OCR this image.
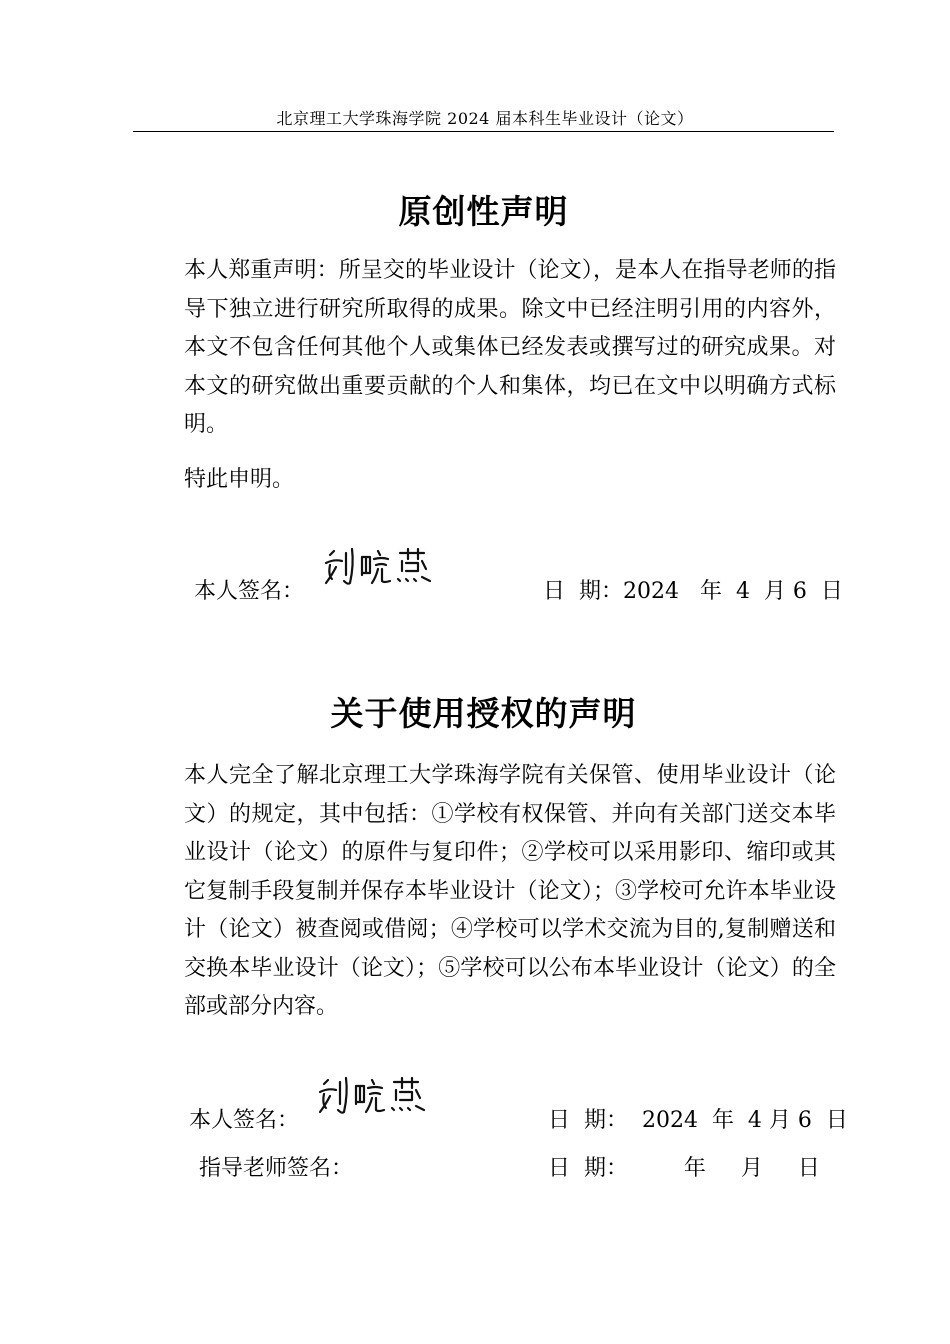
北京理工大学珠海学院 2024 届本科生毕业设计（论文）
原创性声明
本人郑重声明：所呈交的毕业设计（论文），是本人在指导老师的指导下独立进行研究所取得的成果。除文中已经注明引用的内容外，本文不包含任何其他个人或集体已经发表或撰写过的研究成果。对本文的研究做出重要贡献的个人和集体，均已在文中以明确方式标明。
特此申明。
本人签名：	日  期：2024   年  4  月 6  日
关于使用授权的声明
本人完全了解北京理工大学珠海学院有关保管、使用毕业设计（论文）的规定，其中包括：①学校有权保管、并向有关部门送交本毕业设计（论文）的原件与复印件；②学校可以采用影印、缩印或其它复制手段复制并保存本毕业设计（论文）；③学校可允许本毕业设计（论文）被查阅或借阅；④学校可以学术交流为目的,复制赠送和交换本毕业设计（论文）；⑤学校可以公布本毕业设计（论文）的全部或部分内容。
本人签名：	日  期：  2024  年  4 月 6  日
指导老师签名：	日  期：        年     月     日
